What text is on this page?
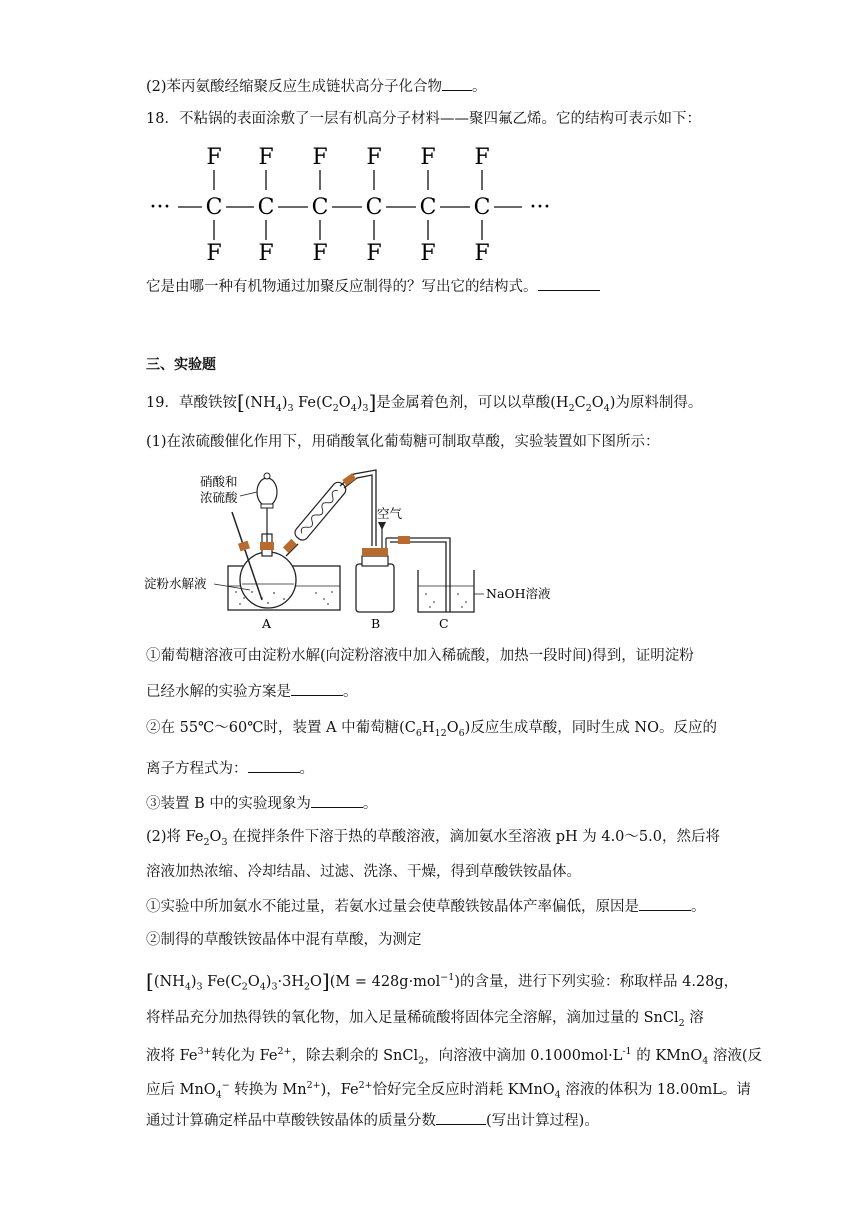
(2)苯丙氨酸经缩聚反应生成链状高分子化合物 。
18．不粘锅的表面涂敷了一层有机高分子材料——聚四氟乙烯。它的结构可表示如下：
···
F
C
F
F
C
F
F
C
F
F
C
F
F
C
F
F
C
F
···
它是由哪一种有机物通过加聚反应制得的？写出它的结构式。
三、实验题
19．草酸铁铵[$(NH_4)_3$ $Fe(C_2O_4)_3$]是金属着色剂，可以以草酸$(H_2C_2O_4)$为原料制得。
(1)在浓硫酸催化作用下，用硝酸氧化葡萄糖可制取草酸，实验装置如下图所示：
硝酸和
浓硫酸
空气
淀粉水解液
NaOH溶液
A	B	C
①葡萄糖溶液可由淀粉水解(向淀粉溶液中加入稀硫酸，加热一段时间)得到，证明淀粉
已经水解的实验方案是	。
②在 55℃～60℃时，装置 A 中葡萄糖$(C_6H_{12}O_6)$反应生成草酸，同时生成 NO。反应的
离子方程式为：	。
③装置 B 中的实验现象为	。
(2)将 $Fe_2O_3$ 在搅拌条件下溶于热的草酸溶液，滴加氨水至溶液 pH 为 4.0～5.0，然后将
溶液加热浓缩、冷却结晶、过滤、洗涤、干燥，得到草酸铁铵晶体。
①实验中所加氨水不能过量，若氨水过量会使草酸铁铵晶体产率偏低，原因是	。
②制得的草酸铁铵晶体中混有草酸，为测定
[$(NH_4)_3$ $Fe(C_2O_4)_3\cdot 3H_2O](M = 428g\cdot mol^{-1})$的含量，进行下列实验：称取样品 4.28g，
将样品充分加热得铁的氧化物，加入足量稀硫酸将固体完全溶解，滴加过量的 SnCl$_2$ 溶
液将 $Fe^{3+}$转化为 $Fe^{2+}$，除去剩余的 SnCl$_2$，向溶液中滴加 $0.1000mol\cdot L^{-1}$ 的 KMnO$_4$ 溶液(反
应后 MnO$_4$− 转换为 $Mn^{2+}$)，$Fe^{2+}$恰好完全反应时消耗 KMnO$_4$ 溶液的体积为 18.00mL。请
通过计算确定样品中草酸铁铵晶体的质量分数	(写出计算过程)。
